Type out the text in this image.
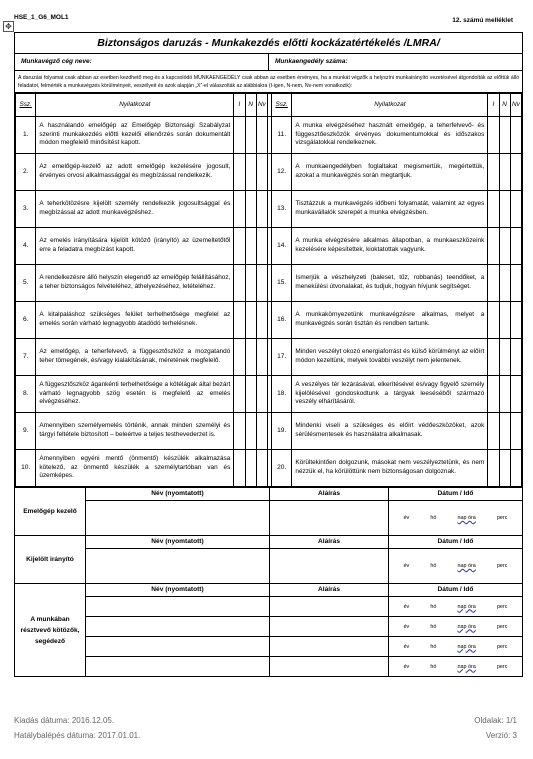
HSE_1_G6_MOL1	12. számú melléklet
✥
Biztonságos daruzás - Munkakezdés előtti kockázatértékelés /LMRA/
Munkavégző cég neve:	Munkaengedély száma:
A daruzási folyamat csak abban az esetben kezdhető meg és a kapcsolódó MUNKAENGEDÉLY csak abban az esetben érvényes, ha a munkát végzők a helyszíni munkairányító vezetésével átgondolták az előttük álló feladatot, felmérték a munkavégzés körülményeit, veszélyeit és azok alapján „X”-el válaszolták az alábbiakra (I-igen, N-nem, Nv-nem vonatkozik):
Ssz.	Nyilatkozat	I	N	Nv		Ssz.	Nyilatkozat	I	N	Nv
1.	A használandó emelőgép az Emelőgép Biztonsági Szabályzat szerinti munkakezdés előtti kezelői ellenőrzés során dokumentált módon megfelelő minősítést kapott.					11.	A munka elvégzéséhez használt emelőgép, a teherfelvevő- és függesztőeszközök érvényes dokumentumokkal és időszakos vizsgálatokkal rendelkeznek.			
2.	Az emelőgép-kezelő az adott emelőgép kezelésére jogosult, érvényes orvosi alkalmassággal és megbízással rendelkezik.					12.	A munkaengedélyben foglaltakat megismertük, megértettük, azokat a munkavégzés során megtartjuk.			
3.	A teherkötözésre kijelölt személy rendelkezik jogosultsággal és megbízással az adott munkavégzéshez.					13.	Tisztázzuk a munkavégzés időbeni folyamatát, valamint az egyes munkavállalók szerepét a munka elvégzésben.			
4.	Az emelés irányítására kijelölt kötöző (irányító) az üzemeltetőtől erre a feladatra megbízást kapott.					14.	A munka elvégzésére alkalmas állapotban, a munkaeszközeink kezelésére képesítettek, kioktatottak vagyunk.			
5.	A rendelkezésre álló helyszín elegendő az emelőgép felállításához, a teher biztonságos felvételéhez, áthelyezéséhez, letételéhez.					15.	Ismerjük a vészhelyzeti (baleset, tűz, robbanás) teendőket, a menekülési útvonalakat, és tudjuk, hogyan hívjunk segítséget.			
6.	A kitalpaláshoz szükséges felület terhelhetősége megfelel az emelés során várható legnagyobb átadódó terhelésnek.					16.	A munkakörnyezetünk munkavégzésre alkalmas, melyet a munkavégzés során tisztán és rendben tartunk.			
7.	Az emelőgép, a teherfelvevő, a függesztőszköz a mozgatandó teher tömegének, és/vagy kialakításának, méretének megfelelő.					17.	Minden veszélyt okozó energiaforrást és külső körülményt az előírt módon kezeltünk, melyek további veszélyt nem jelentenek.			
8.	A függesztőszköz ágankénti terhelhetősége a kötélágak által bezárt várható legnagyobb szög esetén is megfelelő az emelés elvégzéséhez.					18.	A veszélyes tér lezárásával, elkerítésével és/vagy figyelő személy kijelölésével gondoskodtunk a tárgyak leeséséből származó veszély elhárításáról.			
9.	Amennyiben személyemelés történik, annak minden személyi és tárgyi feltétele biztosított – beleértve a teljes testhevederzet is.					19.	Mindenki viseli a szükséges és előírt védőeszközöket, azok sérülésmentesek és használatra alkalmasak.			
10.	Amennyiben egyéni mentő (önmentő) készülék alkalmazása kötelező, az önmentő készülék a személytartóban van és üzemképes.					20.	Körültekintően dolgozunk, másokat nem veszélyeztetünk, és nem nézzük el, ha körülöttünk nem biztonságosan dolgoznak.			
Emelőgép kezelő
Név (nyomtatott)	Aláírás	Dátum / Idő
év	hó	nap óra	perc
Kijelölt irányító
Név (nyomtatott)	Aláírás	Dátum / Idő
év	hó	nap óra	perc
A munkában résztvevő kötözők, segédező
Név (nyomtatott)	Aláírás	Dátum / Idő
év	hó	nap óra	perc
év	hó	nap óra	perc
év	hó	nap óra	perc
év	hó	nap óra	perc
Kiadás dátuma: 2016.12.05.
Hatálybalépés dátuma: 2017.01.01.
Oldalak: 1/1
Verzió: 3
